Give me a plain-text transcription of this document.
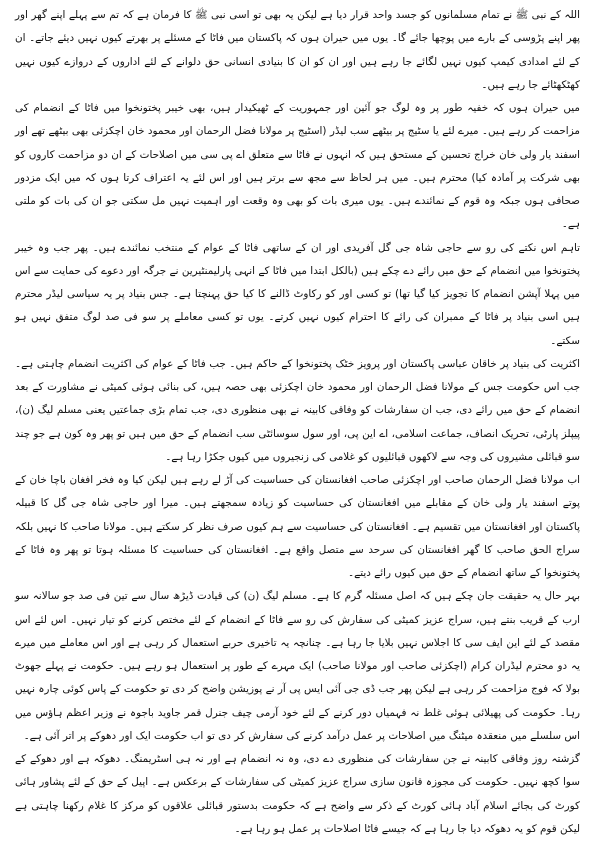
اللہ کے نبی ﷺ نے تمام مسلمانوں کو جسد واحد قرار دیا ہے لیکن یہ بھی تو اسی نبی ﷺ کا فرمان ہے کہ تم سے پہلے اپنے گھر اور پھر اپنے پڑوسی کے بارے میں پوچھا جائے گا۔ یوں میں حیران ہوں کہ پاکستان میں فاٹا کے مسئلے پر بھرتے کیوں نہیں دیئے جاتے۔ ان کے لئے امدادی کیمپ کیوں نہیں لگائے جا رہے ہیں اور ان کو ان کا بنیادی انسانی حق دلوانے کے لئے اداروں کے دروازے کیوں نہیں کھٹکھٹائے جا رہے ہیں۔

میں حیران ہوں کہ خفیہ طور پر وہ لوگ جو آئین اور جمہوریت کے ٹھیکیدار ہیں، بھی خیبر پختونخوا میں فاٹا کے انضمام کی مزاحمت کر رہے ہیں۔ میرے لئے یا سٹیج پر بیٹھے سب لیڈر (اسٹیج پر مولانا فضل الرحمان اور محمود خان اچکزئی بھی بیٹھے تھے اور اسفند یار ولی خان خراج تحسین کے مستحق ہیں کہ انہوں نے فاٹا سے متعلق اے پی سی میں اصلاحات کے ان دو مزاحمت کاروں کو بھی شرکت پر آمادہ کیا) محترم ہیں۔ میں ہر لحاظ سے مجھ سے برتر ہیں اور اس لئے یہ اعتراف کرتا ہوں کہ میں ایک مزدور صحافی ہوں جبکہ وہ قوم کے نمائندے ہیں۔ یوں میری بات کو بھی وہ وقعت اور اہمیت نہیں مل سکتی جو ان کی بات کو ملتی ہے۔

تاہم اس نکتے کی رو سے حاجی شاہ جی گل آفریدی اور ان کے ساتھی فاٹا کے عوام کے منتخب نمائندے ہیں۔ پھر جب وہ خیبر پختونخوا میں انضمام کے حق میں رائے دے چکے ہیں (بالکل ابتدا میں فاٹا کے انہی پارلیمنٹیرین نے جرگہ اور دعوے کی حمایت سے اس میں پہلا آپشن انضمام کا تجویز کیا گیا تھا) تو کسی اور کو رکاوٹ ڈالنے کا کیا حق پہنچتا ہے۔ جس بنیاد پر یہ سیاسی لیڈر محترم ہیں اسی بنیاد پر فاٹا کے ممبران کی رائے کا احترام کیوں نہیں کرتے۔ یوں تو کسی معاملے پر سو فی صد لوگ متفق نہیں ہو سکتے۔

اکثریت کی بنیاد پر خاقان عباسی پاکستان اور پرویز خٹک پختونخوا کے حاکم ہیں۔ جب فاٹا کے عوام کی اکثریت انضمام چاہتی ہے۔ جب اس حکومت جس کے مولانا فضل الرحمان اور محمود خان اچکزئی بھی حصہ ہیں، کی بنائی ہوئی کمیٹی نے مشاورت کے بعد انضمام کے حق میں رائے دی، جب ان سفارشات کو وفاقی کابینہ نے بھی منظوری دی، جب تمام بڑی جماعتیں یعنی مسلم لیگ (ن)، پیپلز پارٹی، تحریک انصاف، جماعت اسلامی، اے این پی، اور سول سوسائٹی سب انضمام کے حق میں ہیں تو پھر وہ کون ہے جو چند سو قبائلی مشیروں کی وجہ سے لاکھوں قبائلیوں کو غلامی کی زنجیروں میں کیوں جکڑا رہا ہے۔

اب مولانا فضل الرحمان صاحب اور اچکزئی صاحب افغانستان کی حساسیت کی آڑ لے رہے ہیں لیکن کیا وہ فخر افغان باچا خان کے پوتے اسفند یار ولی خان کے مقابلے میں افغانستان کی حساسیت کو زیادہ سمجھتے ہیں۔ میرا اور حاجی شاہ جی گل کا قبیلہ پاکستان اور افغانستان میں تقسیم ہے۔ افغانستان کی حساسیت سے ہم کیوں صرف نظر کر سکتے ہیں۔ مولانا صاحب کا نہیں بلکہ سراج الحق صاحب کا گھر افغانستان کی سرحد سے متصل واقع ہے۔ افغانستان کی حساسیت کا مسئلہ ہوتا تو پھر وہ فاٹا کے پختونخوا کے ساتھ انضمام کے حق میں کیوں رائے دیتے۔

بہر حال یہ حقیقت جان چکے ہیں کہ اصل مسئلہ گرم کا ہے۔ مسلم لیگ (ن) کی قیادت ڈیڑھ سال سے تین فی صد جو سالانہ سو ارب کے قریب بنتے ہیں، سراج عزیز کمیٹی کی سفارش کی رو سے فاٹا کے انضمام کے لئے مختص کرنے کو تیار نہیں۔ اس لئے اس مقصد کے لئے این ایف سی کا اجلاس نہیں بلایا جا رہا ہے۔ چنانچہ یہ تاخیری حربے استعمال کر رہی ہے اور اس معاملے میں میرے یہ دو محترم لیڈران کرام (اچکزئی صاحب اور مولانا صاحب) ایک مہرے کے طور پر استعمال ہو رہے ہیں۔ حکومت نے پہلے جھوٹ بولا کہ فوج مزاحمت کر رہی ہے لیکن پھر جب ڈی جی آئی ایس پی آر نے پوزیشن واضح کر دی تو حکومت کے پاس کوئی چارہ نہیں رہا۔ حکومت کی پھیلائی ہوئی غلط نہ فہمیاں دور کرنے کے لئے خود آرمی چیف جنرل قمر جاوید باجوہ نے وزیر اعظم ہاؤس میں اس سلسلے میں منعقدہ میٹنگ میں اصلاحات پر عمل درآمد کرنے کی سفارش کر دی تو اب حکومت ایک اور دھوکے پر اتر آئی ہے۔

گزشتہ روز وفاقی کابینہ نے جن سفارشات کی منظوری دے دی، وہ نہ انضمام ہے اور نہ ہی اسٹریمنگ۔ دھوکہ ہے اور دھوکے کے سوا کچھ نہیں۔ حکومت کی مجوزہ قانون سازی سراج عزیز کمیٹی کی سفارشات کے برعکس ہے۔ اپیل کے حق کے لئے پشاور ہائی کورٹ کی بجائے اسلام آباد ہائی کورٹ کے ذکر سے واضح ہے کہ حکومت بدستور قبائلی علاقوں کو مرکز کا غلام رکھنا چاہتی ہے لیکن قوم کو یہ دھوکہ دیا جا رہا ہے کہ جیسے فاٹا اصلاحات پر عمل ہو رہا ہے۔
